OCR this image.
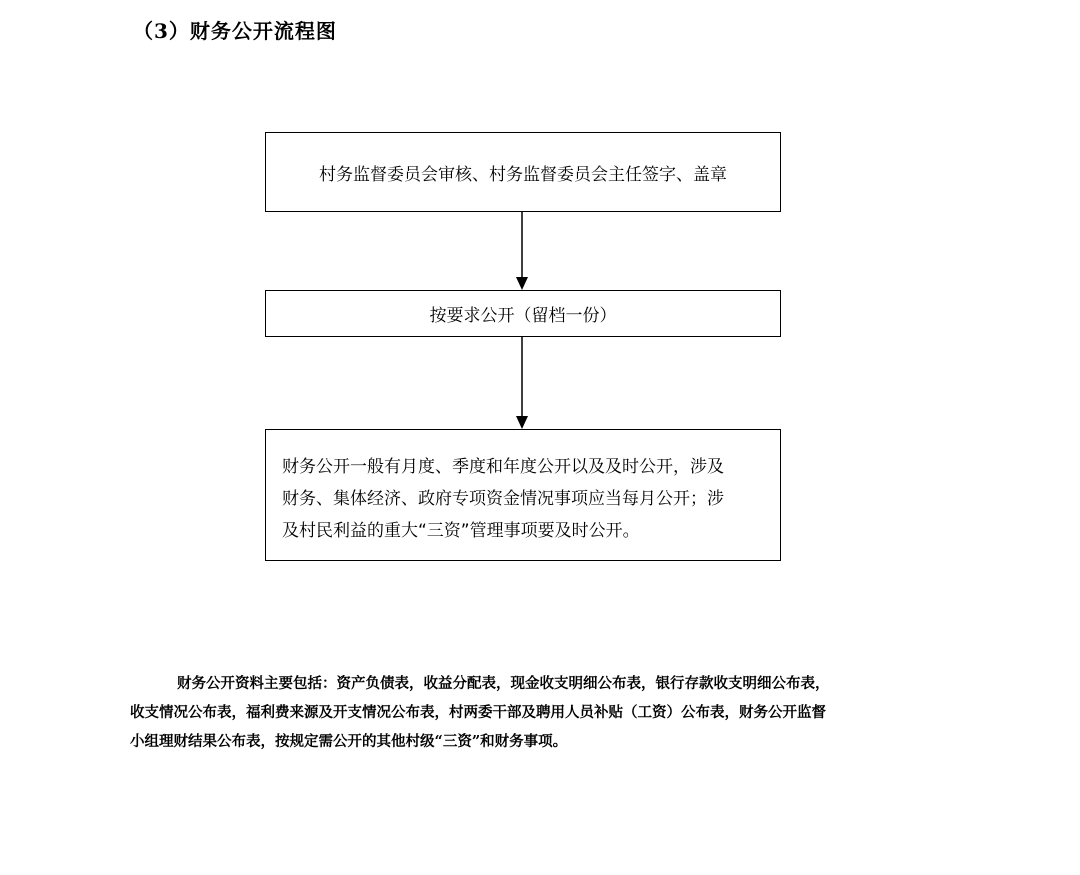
（3）财务公开流程图
村务监督委员会审核、村务监督委员会主任签字、盖章
按要求公开（留档一份）
财务公开一般有月度、季度和年度公开以及及时公开，涉及
财务、集体经济、政府专项资金情况事项应当每月公开；涉
及村民利益的重大“三资”管理事项要及时公开。
财务公开资料主要包括：资产负债表，收益分配表，现金收支明细公布表，银行存款收支明细公布表，
收支情况公布表，福利费来源及开支情况公布表，村两委干部及聘用人员补贴（工资）公布表，财务公开监督
小组理财结果公布表，按规定需公开的其他村级“三资”和财务事项。
